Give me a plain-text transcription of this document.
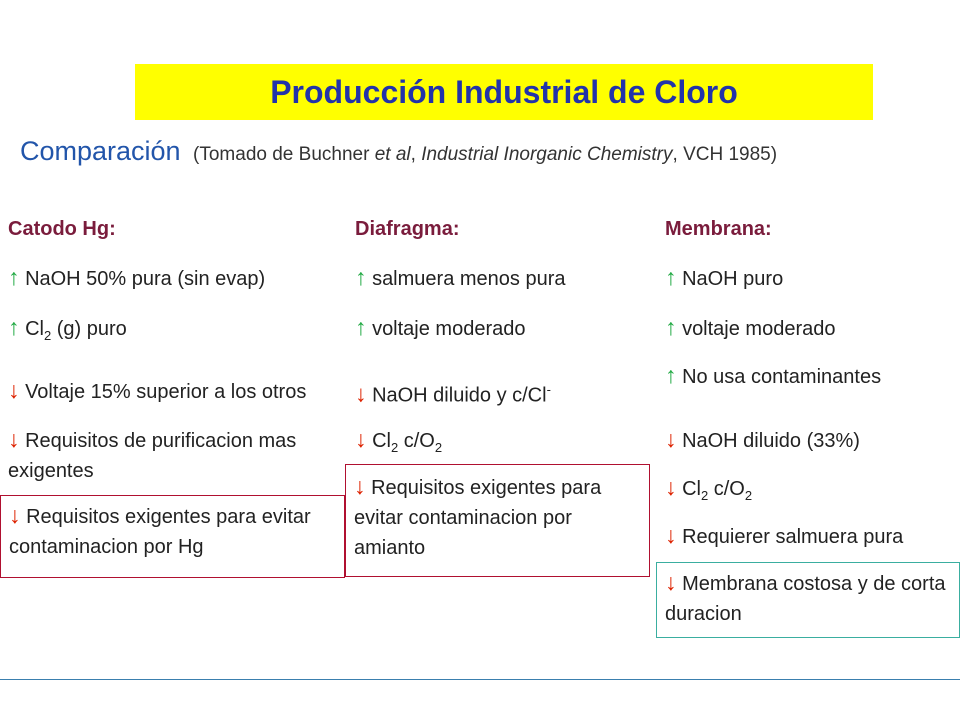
Producción Industrial de Cloro
Comparación (Tomado de Buchner et al, Industrial Inorganic Chemistry, VCH 1985)
Catodo Hg:
↑ NaOH 50% pura (sin evap)
↑ $Cl_2$ (g) puro
↓ Voltaje 15% superior a los otros
↓ Requisitos de purificacion mas exigentes
↓ Requisitos exigentes para evitar contaminacion por Hg
Diafragma:
↑ salmuera menos pura
↑ voltaje moderado
↓ NaOH diluido y c/Cl-
↓ $Cl_2$ $c/O_2$
↓ Requisitos exigentes para evitar contaminacion por amianto
Membrana:
↑ NaOH puro
↑ voltaje moderado
↑ No usa contaminantes
↓ NaOH diluido (33%)
↓ $Cl_2$ $c/O_2$
↓ Requierer salmuera pura
↓ Membrana costosa y de corta duracion
